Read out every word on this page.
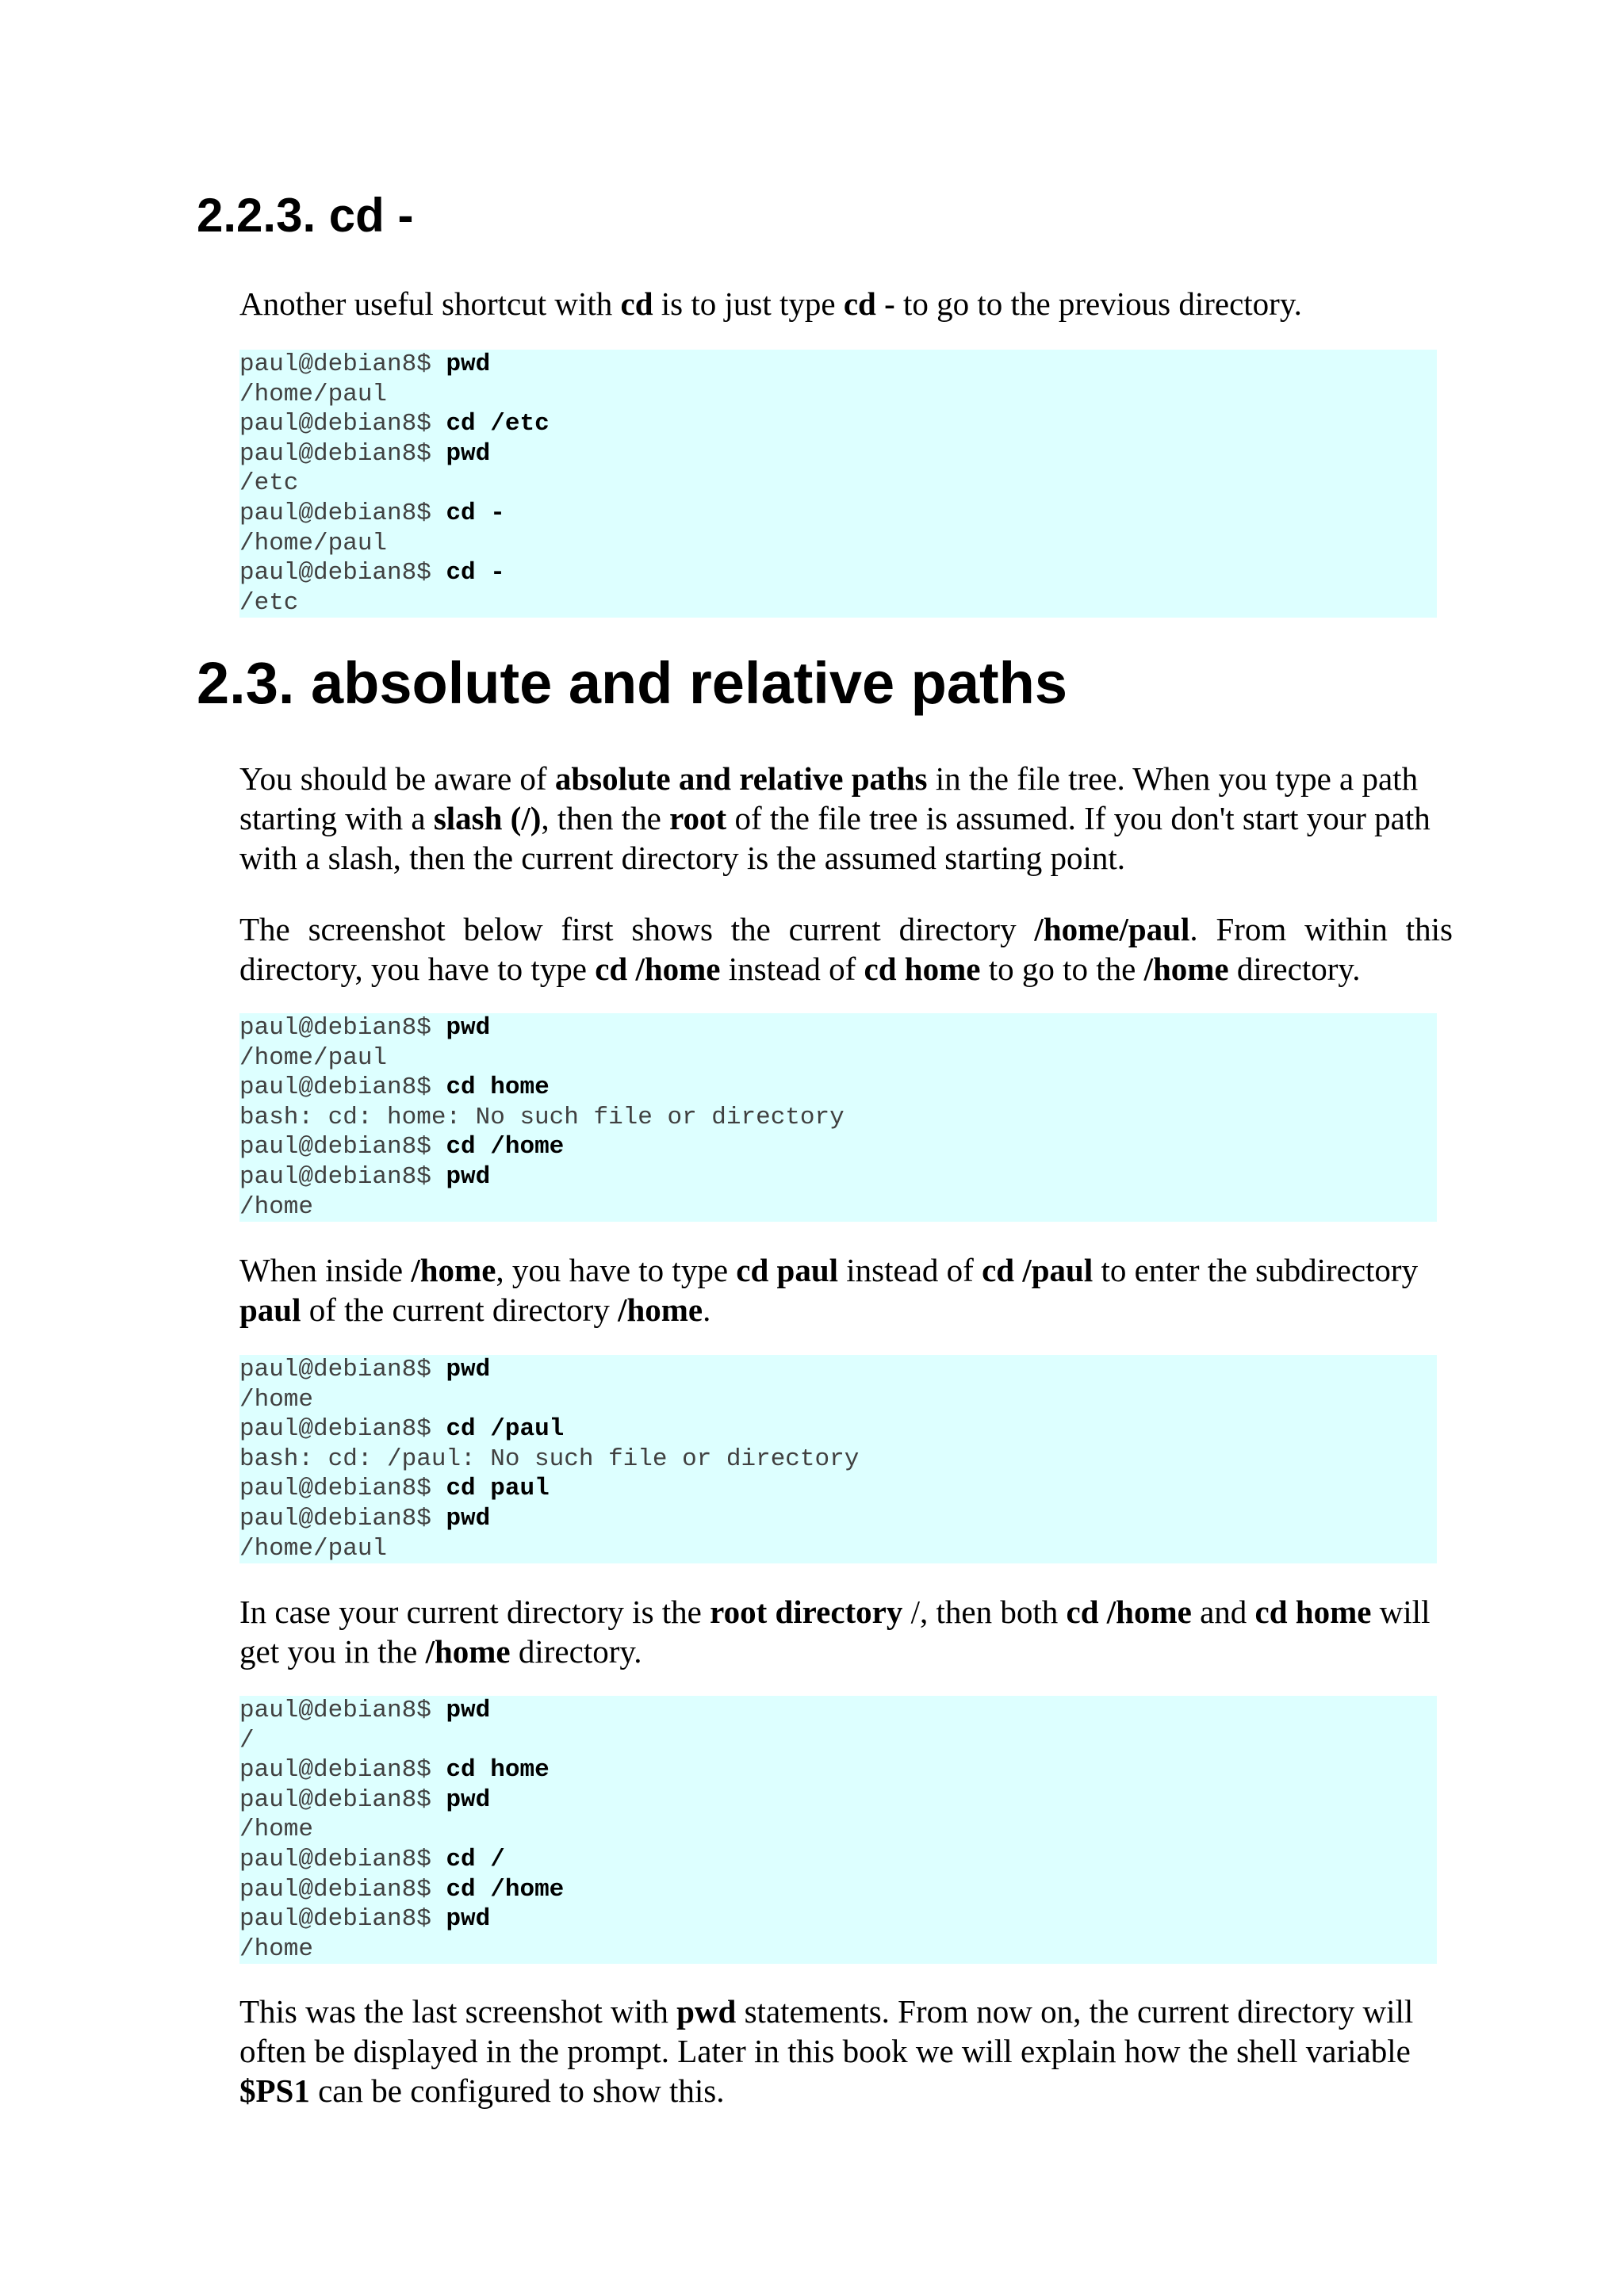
2.2.3. cd -

Another useful shortcut with cd is to just type cd - to go to the previous directory.

paul@debian8$ pwd
/home/paul
paul@debian8$ cd /etc
paul@debian8$ pwd
/etc
paul@debian8$ cd -
/home/paul
paul@debian8$ cd -
/etc
2.3. absolute and relative paths

You should be aware of absolute and relative paths in the file tree. When you type a path starting with a slash (/), then the root of the file tree is assumed. If you don't start your path with a slash, then the current directory is the assumed starting point.

The screenshot below first shows the current directory /home/paul. From within this directory, you have to type cd /home instead of cd home to go to the /home directory.

paul@debian8$ pwd
/home/paul
paul@debian8$ cd home
bash: cd: home: No such file or directory
paul@debian8$ cd /home
paul@debian8$ pwd
/home

When inside /home, you have to type cd paul instead of cd /paul to enter the subdirectory paul of the current directory /home.

paul@debian8$ pwd
/home
paul@debian8$ cd /paul
bash: cd: /paul: No such file or directory
paul@debian8$ cd paul
paul@debian8$ pwd
/home/paul

In case your current directory is the root directory /, then both cd /home and cd home will get you in the /home directory.

paul@debian8$ pwd
/
paul@debian8$ cd home
paul@debian8$ pwd
/home
paul@debian8$ cd /
paul@debian8$ cd /home
paul@debian8$ pwd
/home

This was the last screenshot with pwd statements. From now on, the current directory will often be displayed in the prompt. Later in this book we will explain how the shell variable $PS1 can be configured to show this.
